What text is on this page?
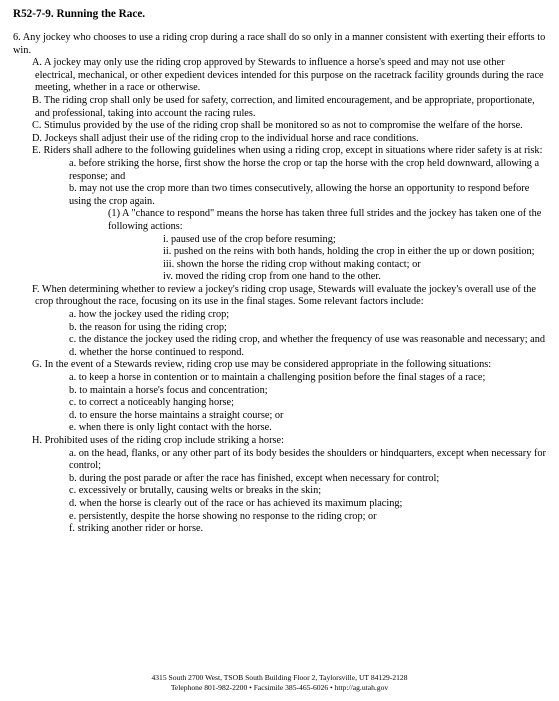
R52-7-9. Running the Race.

6. Any jockey who chooses to use a riding crop during a race shall do so only in a manner consistent with exerting their efforts to win.

A. A jockey may only use the riding crop approved by Stewards to influence a horse's speed and may not use other electrical, mechanical, or other expedient devices intended for this purpose on the racetrack facility grounds during the race meeting, whether in a race or otherwise.

B. The riding crop shall only be used for safety, correction, and limited encouragement, and be appropriate, proportionate, and professional, taking into account the racing rules.

C. Stimulus provided by the use of the riding crop shall be monitored so as not to compromise the welfare of the horse.

D. Jockeys shall adjust their use of the riding crop to the individual horse and race conditions.

E. Riders shall adhere to the following guidelines when using a riding crop, except in situations where rider safety is at risk:

a. before striking the horse, first show the horse the crop or tap the horse with the crop held downward, allowing a response; and

b. may not use the crop more than two times consecutively, allowing the horse an opportunity to respond before using the crop again.

(1) A "chance to respond" means the horse has taken three full strides and the jockey has taken one of the following actions:

i. paused use of the crop before resuming;

ii. pushed on the reins with both hands, holding the crop in either the up or down position;

iii. shown the horse the riding crop without making contact; or

iv. moved the riding crop from one hand to the other.

F. When determining whether to review a jockey's riding crop usage, Stewards will evaluate the jockey's overall use of the crop throughout the race, focusing on its use in the final stages. Some relevant factors include:

a. how the jockey used the riding crop;

b. the reason for using the riding crop;

c. the distance the jockey used the riding crop, and whether the frequency of use was reasonable and necessary; and

d. whether the horse continued to respond.

G. In the event of a Stewards review, riding crop use may be considered appropriate in the following situations:

a. to keep a horse in contention or to maintain a challenging position before the final stages of a race;

b. to maintain a horse's focus and concentration;

c. to correct a noticeably hanging horse;

d. to ensure the horse maintains a straight course; or

e. when there is only light contact with the horse.

H. Prohibited uses of the riding crop include striking a horse:

a. on the head, flanks, or any other part of its body besides the shoulders or hindquarters, except when necessary for control;

b. during the post parade or after the race has finished, except when necessary for control;

c. excessively or brutally, causing welts or breaks in the skin;

d. when the horse is clearly out of the race or has achieved its maximum placing;

e. persistently, despite the horse showing no response to the riding crop; or

f. striking another rider or horse.

4315 South 2700 West, TSOB South Building Floor 2, Taylorsville, UT 84129-2128
Telephone 801-982-2200 • Facsimile 385-465-6026 • http://ag.utah.gov
